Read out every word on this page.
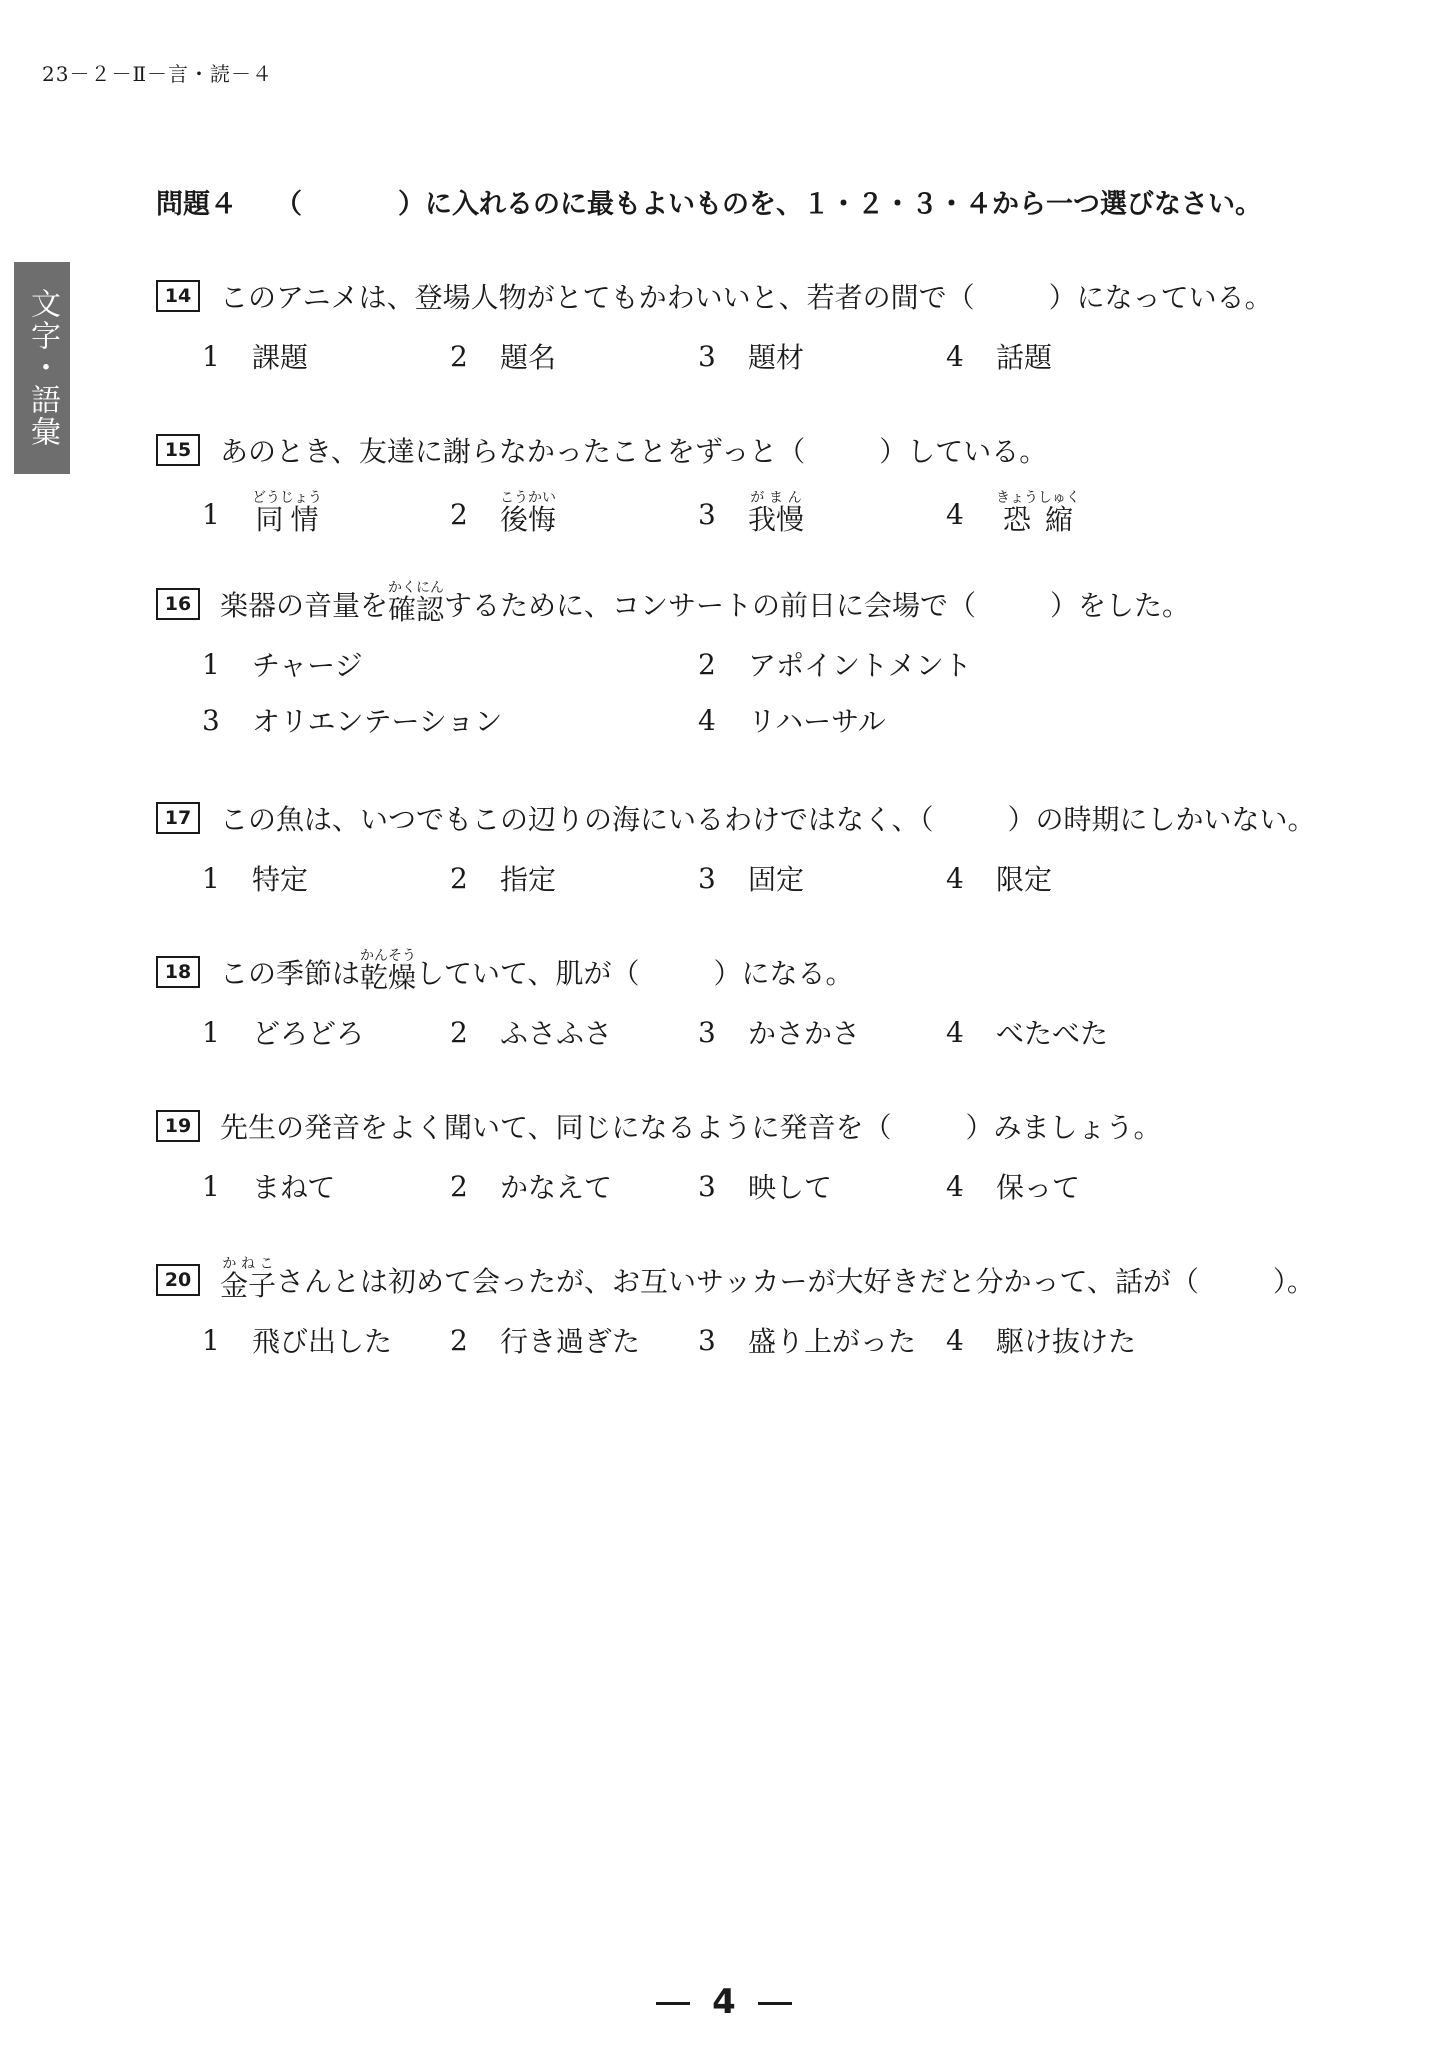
23－２－Ⅱ－言・読－４
文字・語彙
問題４ （	）に入れるのに最もよいものを、１・２・３・４から一つ選びなさい。
14	このアニメは、登場人物がとてもかわいいと、若者の間で（	）になっている。
1	課題	2	題名	3	題材	4	話題
15	あのとき、友達に謝らなかったことをずっと（	）している。
1	同情どうじょう	2	後悔こうかい	3	我慢がまん	4	恐縮きょうしゅく
16	楽器の音量を 確認かくにん
するために、コンサートの前日に会場で（	）をした。
1	チャージ	2	アポイントメント
3	オリエンテーション	4	リハーサル
17	この魚は、いつでもこの辺りの海にいるわけではなく、（	）の時期にしかいない。
1	特定	2	指定	3	固定	4	限定
18	この季節は 乾燥かんそう
していて、肌が（	）になる。
1	どろどろ	2	ふさふさ	3	かさかさ	4	べたべた
19	先生の発音をよく聞いて、同じになるように発音を（	）みましょう。
1	まねて	2	かなえて	3	映して	4	保って
20	金子かねこ
さんとは初めて会ったが、お互いサッカーが大好きだと分かって、話が（	）。
1	飛び出した	2	行き過ぎた	3	盛り上がった	4	駆け抜けた
4
